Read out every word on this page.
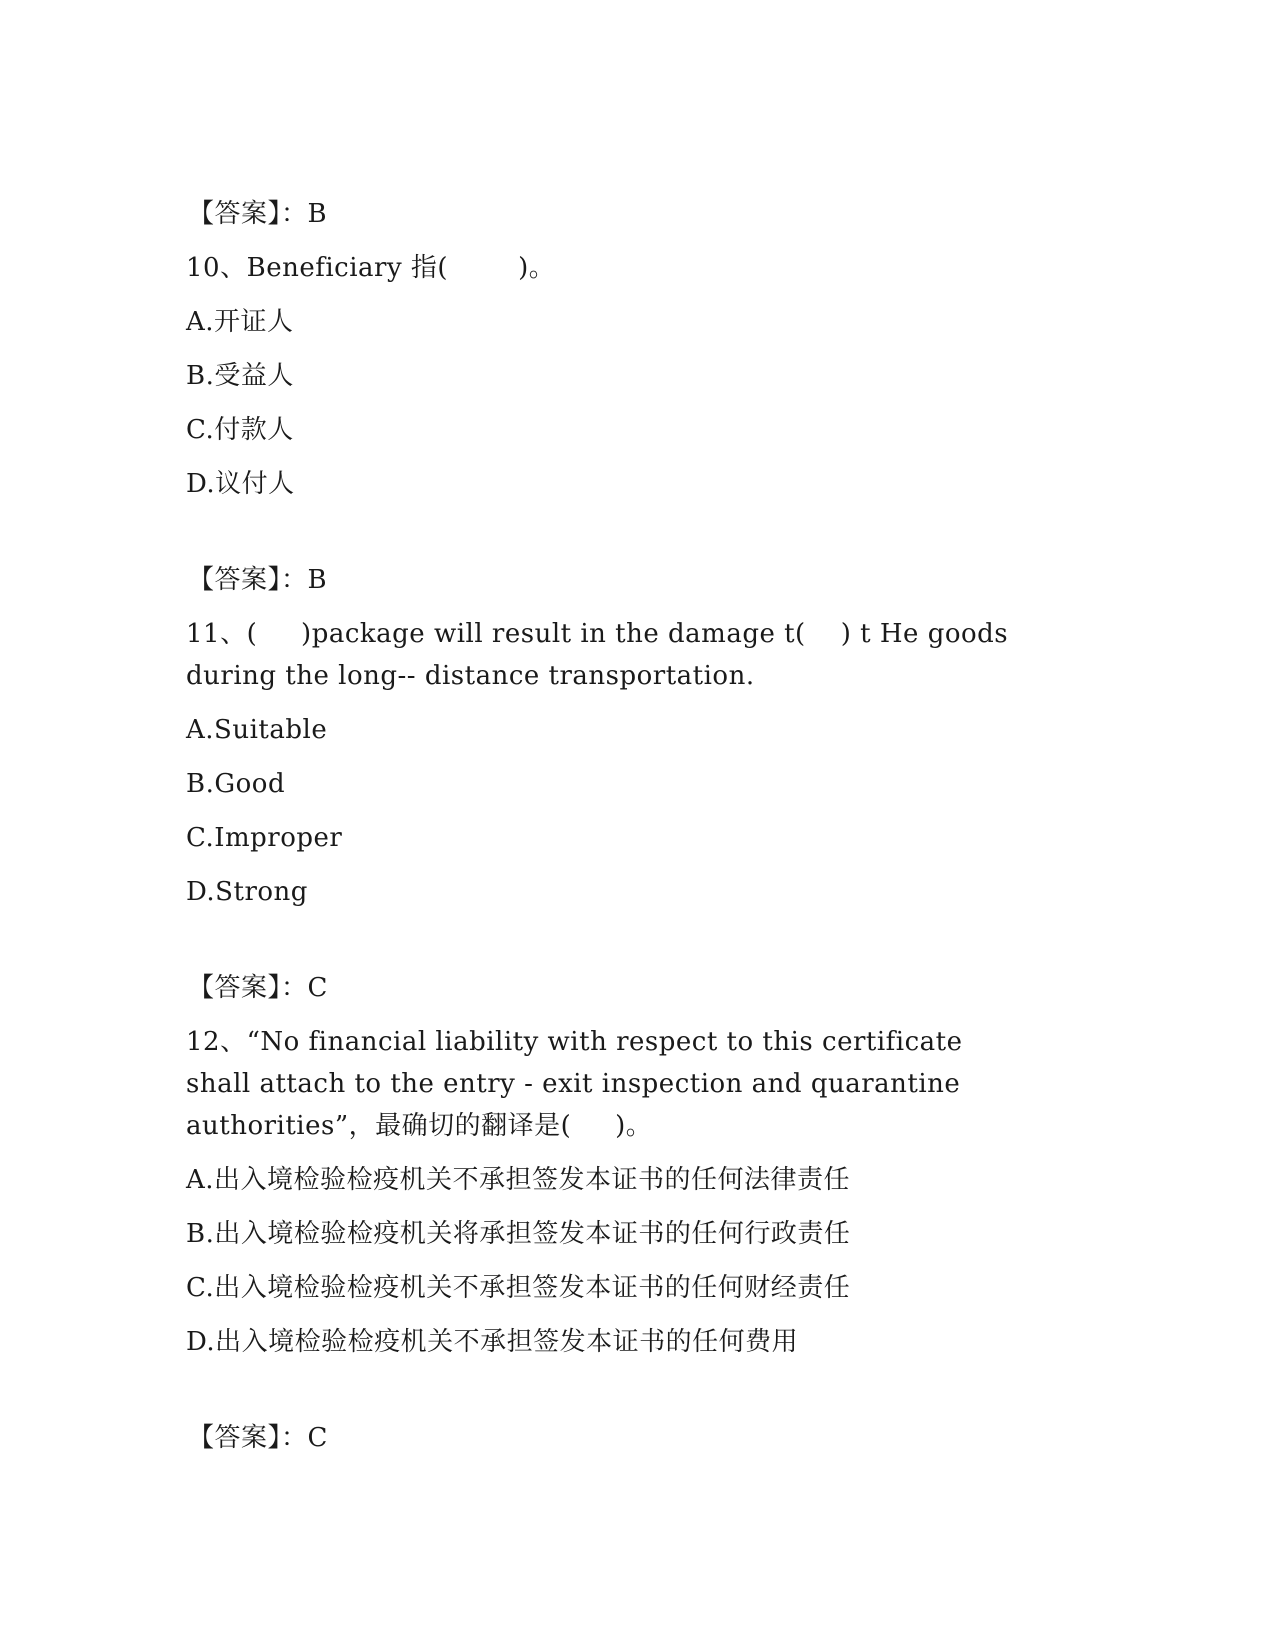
【答案】：B
10、Beneficiary 指(        )。
A.开证人
B.受益人
C.付款人
D.议付人
【答案】：B
11、(     )package will result in the damage t(    ) t He goods
during the long-- distance transportation.
A.Suitable
B.Good
C.Improper
D.Strong
【答案】：C
12、“No financial liability with respect to this certificate
shall attach to the entry - exit inspection and quarantine
authorities”，最确切的翻译是(     )。
A.出入境检验检疫机关不承担签发本证书的任何法律责任
B.出入境检验检疫机关将承担签发本证书的任何行政责任
C.出入境检验检疫机关不承担签发本证书的任何财经责任
D.出入境检验检疫机关不承担签发本证书的任何费用
【答案】：C
